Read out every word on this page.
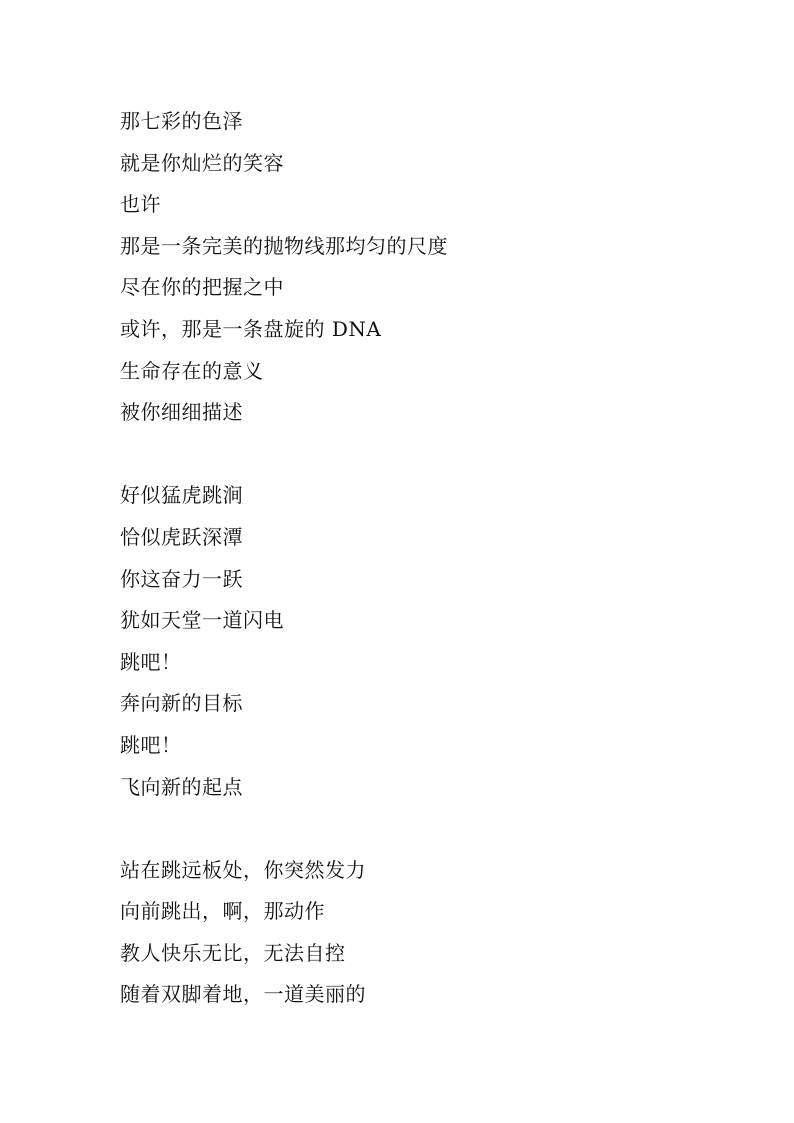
那七彩的色泽
就是你灿烂的笑容
也许
那是一条完美的抛物线那均匀的尺度
尽在你的把握之中
或许，那是一条盘旋的 DNA
生命存在的意义
被你细细描述
好似猛虎跳涧
恰似虎跃深潭
你这奋力一跃
犹如天堂一道闪电
跳吧！
奔向新的目标
跳吧！
飞向新的起点
站在跳远板处，你突然发力
向前跳出，啊，那动作
教人快乐无比，无法自控
随着双脚着地，一道美丽的
